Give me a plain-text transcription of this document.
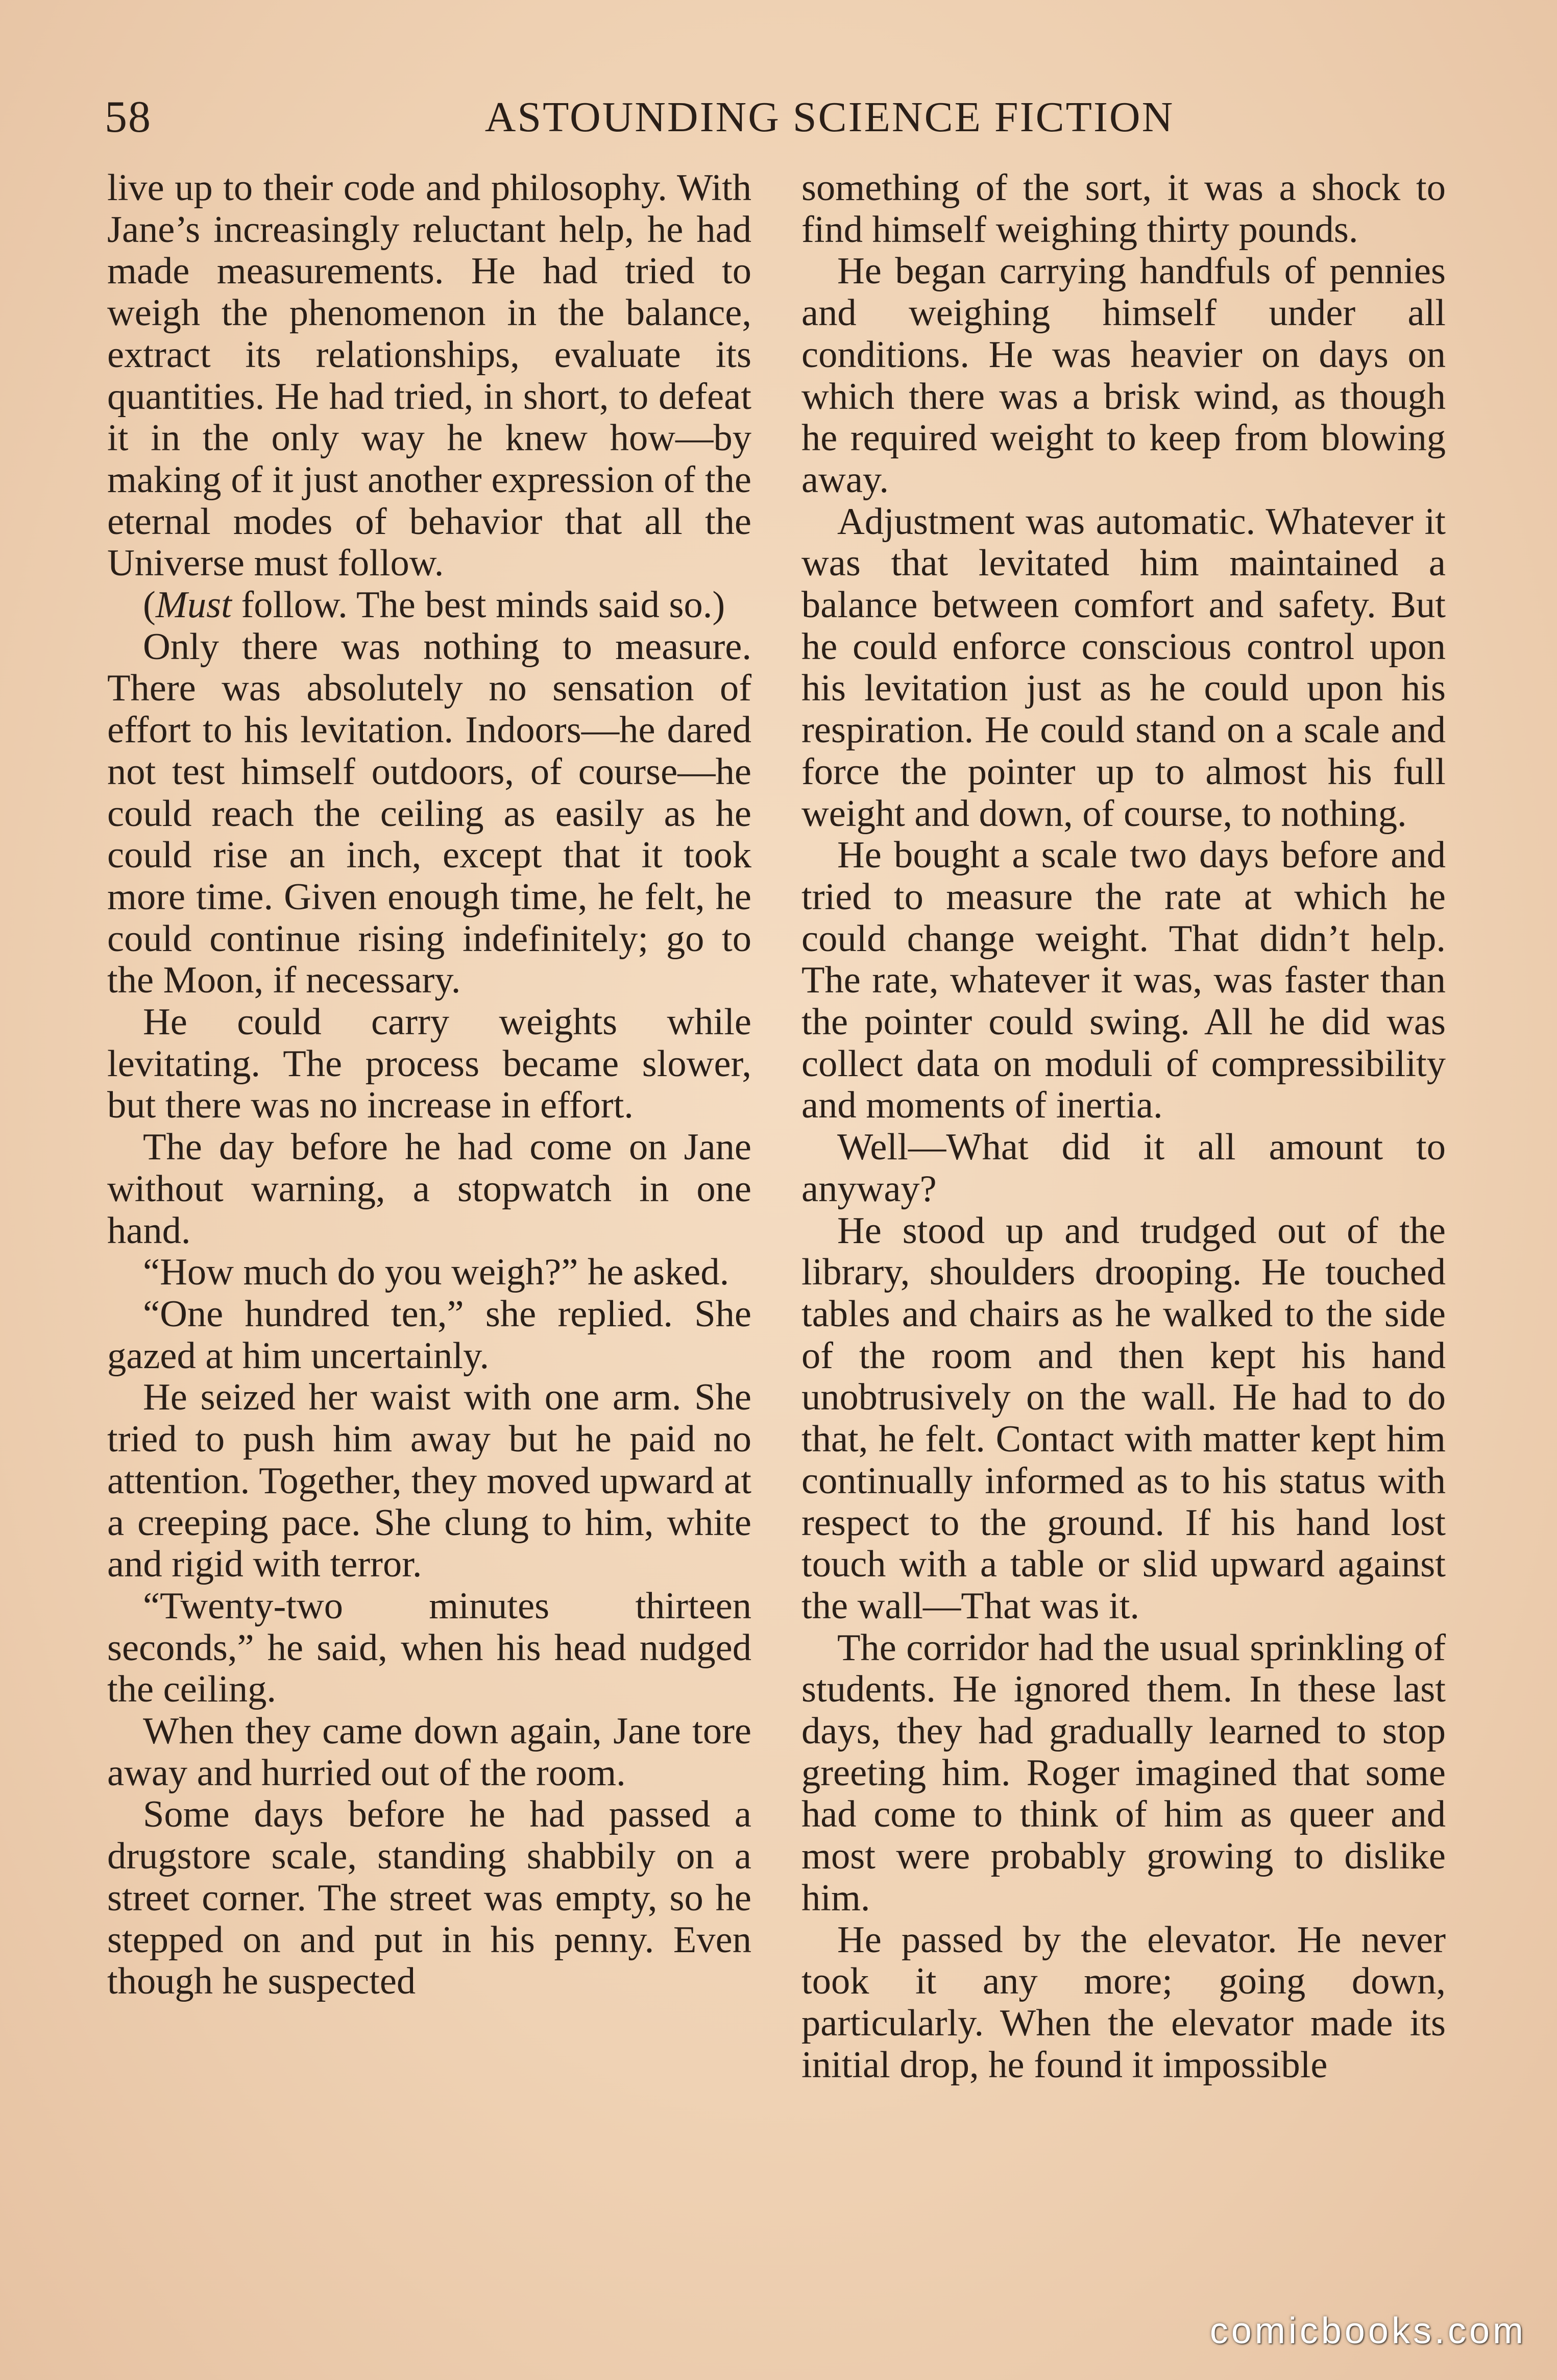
58	ASTOUNDING SCIENCE FICTION

live up to their code and philosophy. With Jane’s increasingly reluctant help, he had made measurements. He had tried to weigh the phenomenon in the balance, extract its relationships, evaluate its quantities. He had tried, in short, to defeat it in the only way he knew how—by making of it just another expression of the eternal modes of behavior that all the Universe must follow.

(Must follow. The best minds said so.)

Only there was nothing to measure. There was absolutely no sensation of effort to his levitation. Indoors—he dared not test himself outdoors, of course—he could reach the ceiling as easily as he could rise an inch, except that it took more time. Given enough time, he felt, he could continue rising indefinitely; go to the Moon, if necessary.

He could carry weights while levitating. The process became slower, but there was no increase in effort.

The day before he had come on Jane without warning, a stopwatch in one hand.

“How much do you weigh?” he asked.

“One hundred ten,” she replied. She gazed at him uncertainly.

He seized her waist with one arm. She tried to push him away but he paid no attention. Together, they moved upward at a creeping pace. She clung to him, white and rigid with terror.

“Twenty-two minutes thirteen seconds,” he said, when his head nudged the ceiling.

When they came down again, Jane tore away and hurried out of the room.

Some days before he had passed a drugstore scale, standing shabbily on a street corner. The street was empty, so he stepped on and put in his penny. Even though he suspected

something of the sort, it was a shock to find himself weighing thirty pounds.

He began carrying handfuls of pennies and weighing himself under all conditions. He was heavier on days on which there was a brisk wind, as though he required weight to keep from blowing away.

Adjustment was automatic. Whatever it was that levitated him maintained a balance between comfort and safety. But he could enforce conscious control upon his levitation just as he could upon his respiration. He could stand on a scale and force the pointer up to almost his full weight and down, of course, to nothing.

He bought a scale two days before and tried to measure the rate at which he could change weight. That didn’t help. The rate, whatever it was, was faster than the pointer could swing. All he did was collect data on moduli of compressibility and moments of inertia.

Well—What did it all amount to anyway?

He stood up and trudged out of the library, shoulders drooping. He touched tables and chairs as he walked to the side of the room and then kept his hand unobtrusively on the wall. He had to do that, he felt. Contact with matter kept him continually informed as to his status with respect to the ground. If his hand lost touch with a table or slid upward against the wall—That was it.

The corridor had the usual sprinkling of students. He ignored them. In these last days, they had gradually learned to stop greeting him. Roger imagined that some had come to think of him as queer and most were probably growing to dislike him.

He passed by the elevator. He never took it any more; going down, particularly. When the elevator made its initial drop, he found it impossible

comicbooks.com
